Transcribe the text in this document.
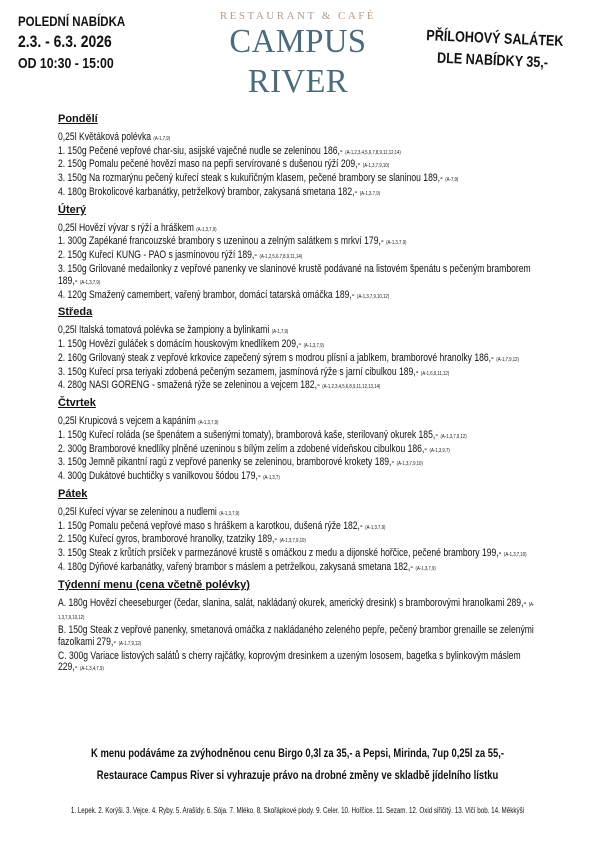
POLEDNÍ NABÍDKA
2.3. - 6.3. 2026
OD 10:30 - 15:00
RESTAURANT & CAFÉ
CAMPUS RIVER
PŘÍLOHOVÝ SALÁTEK
DLE NABÍDKY 35,-
Pondělí
0,25l Květáková polévka (A-1,7,9)
1. 150g Pečené vepřové char-siu, asijské vaječné nudle se zeleninou 186,- (A-1,2,3,4,5,6,7,8,9,11,12,14)
2. 150g Pomalu pečené hovězí maso na pepři servírované s dušenou rýží 209,- (A-1,3,7,9,10)
3. 150g Na rozmarýnu pečený kuřecí steak s kukuřičným klasem, pečené brambory se slaninou 189,- (A-7,9)
4. 180g Brokolicové karbanátky, petrželkový brambor, zakysaná smetana 182,- (A-1,3,7,9)
Úterý
0,25l Hovězí vývar s rýží a hráškem (A-1,3,7,9)
1. 300g Zapékané francouzské brambory s uzeninou a zelným salátkem s mrkví 179,- (A-1,3,7,9)
2. 150g Kuřecí KUNG - PAO s jasmínovou rýží 189,- (A-1,2,5,6,7,8,9,11,14)
3. 150g Grilované medailonky z vepřové panenky ve slaninové krustě podávané na listovém špenátu s pečeným bramborem 189,- (A-1,3,7,9)
4. 120g Smažený camembert, vařený brambor, domácí tatarská omáčka 189,- (A-1,3,7,9,10,12)
Středa
0,25l Italská tomatová polévka se žampiony a bylinkami (A-1,7,9)
1. 150g Hovězí guláček s domácím houskovým knedlíkem 209,- (A-1,3,7,9)
2. 160g Grilovaný steak z vepřové krkovice zapečený sýrem s modrou plísní a jablkem, bramborové hranolky 186,- (A-1,7,9,12)
3. 150g Kuřecí prsa teriyaki zdobená pečeným sezamem, jasmínová rýže s jarní cibulkou 189,- (A-1,6,9,11,12)
4. 280g NASI GORENG - smažená rýže se zeleninou a vejcem 182,- (A-1,2,3,4,5,6,8,9,11,12,13,14)
Čtvrtek
0,25l Krupicová s vejcem a kapáním (A-1,3,7,9)
1. 150g Kuřecí roláda (se špenátem a sušenými tomaty), bramborová kaše, sterilovaný okurek 185,- (A-1,3,7,9,12)
2. 300g Bramborové knedlíky plněné uzeninou s bílým zelím a zdobené vídeňskou cibulkou 186,- (A-1,3,9,7)
3. 150g Jemně pikantní ragú z vepřové panenky se zeleninou, bramborové krokety 189,- (A-1,3,7,9,10)
4. 300g Dukátové buchtičky s vanilkovou šódou 179,- (A-1,3,7)
Pátek
0,25l Kuřecí vývar se zeleninou a nudlemi (A-1,3,7,9)
1. 150g Pomalu pečená vepřové maso s hráškem a karotkou, dušená rýže 182,- (A-1,3,7,9)
2. 150g Kuřecí gyros, bramborové hranolky, tzatziky 189,- (A-1,3,7,9,10)
3. 150g Steak z krůtích prsíček v parmezánové krustě s omáčkou z medu a dijonské hořčice, pečené brambory 199,- (A-1,3,7,10)
4. 180g Dýňové karbanátky, vařený brambor s máslem a petrželkou, zakysaná smetana 182,- (A-1,3,7,9)
Týdenní menu (cena včetně polévky)
A. 180g Hovězí cheeseburger (čedar, slanina, salát, nakládaný okurek, americký dresink) s bramborovými hranolkami 289,- (A-1,3,7,9,10,12)
B. 150g Steak z vepřové panenky, smetanová omáčka z nakládaného zeleného pepře, pečený brambor grenaille se zelenými fazolkami 279,- (A-1,7,9,12)
C. 300g Variace listových salátů s cherry rajčátky, koprovým dresinkem a uzeným lososem, bagetka s bylinkovým máslem 229,- (A-1,3,4,7,9)
K menu podáváme za zvýhodněnou cenu Birgo 0,3l za 35,- a Pepsi, Mirinda, 7up 0,25l za 55,-
Restaurace Campus River si vyhrazuje právo na drobné změny ve skladbě jídelního lístku
1. Lepek. 2. Korýši. 3. Vejce. 4. Ryby. 5. Arašídy. 6. Sója. 7. Mléko. 8. Skořápkové plody. 9. Celer. 10. Hořčice. 11. Sezam. 12. Oxid siřičitý. 13. Vlčí bob. 14. Měkkýši
